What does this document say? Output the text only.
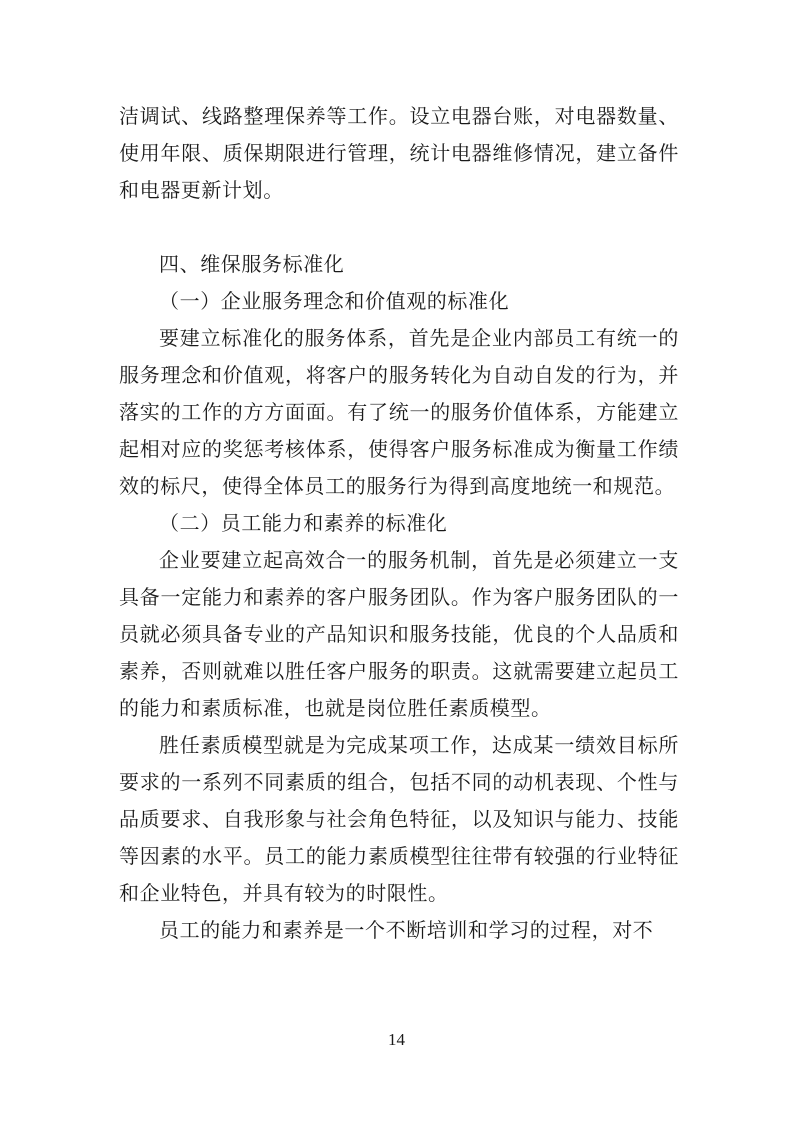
洁调试、线路整理保养等工作。设立电器台账，对电器数量、使用年限、质保期限进行管理，统计电器维修情况，建立备件和电器更新计划。

四、维保服务标准化

（一）企业服务理念和价值观的标准化

要建立标准化的服务体系，首先是企业内部员工有统一的服务理念和价值观，将客户的服务转化为自动自发的行为，并落实的工作的方方面面。有了统一的服务价值体系，方能建立起相对应的奖惩考核体系，使得客户服务标准成为衡量工作绩效的标尺，使得全体员工的服务行为得到高度地统一和规范。

（二）员工能力和素养的标准化

企业要建立起高效合一的服务机制，首先是必须建立一支具备一定能力和素养的客户服务团队。作为客户服务团队的一员就必须具备专业的产品知识和服务技能，优良的个人品质和素养，否则就难以胜任客户服务的职责。这就需要建立起员工的能力和素质标准，也就是岗位胜任素质模型。

胜任素质模型就是为完成某项工作，达成某一绩效目标所要求的一系列不同素质的组合，包括不同的动机表现、个性与品质要求、自我形象与社会角色特征，以及知识与能力、技能等因素的水平。员工的能力素质模型往往带有较强的行业特征和企业特色，并具有较为的时限性。

员工的能力和素养是一个不断培训和学习的过程，对不

14
